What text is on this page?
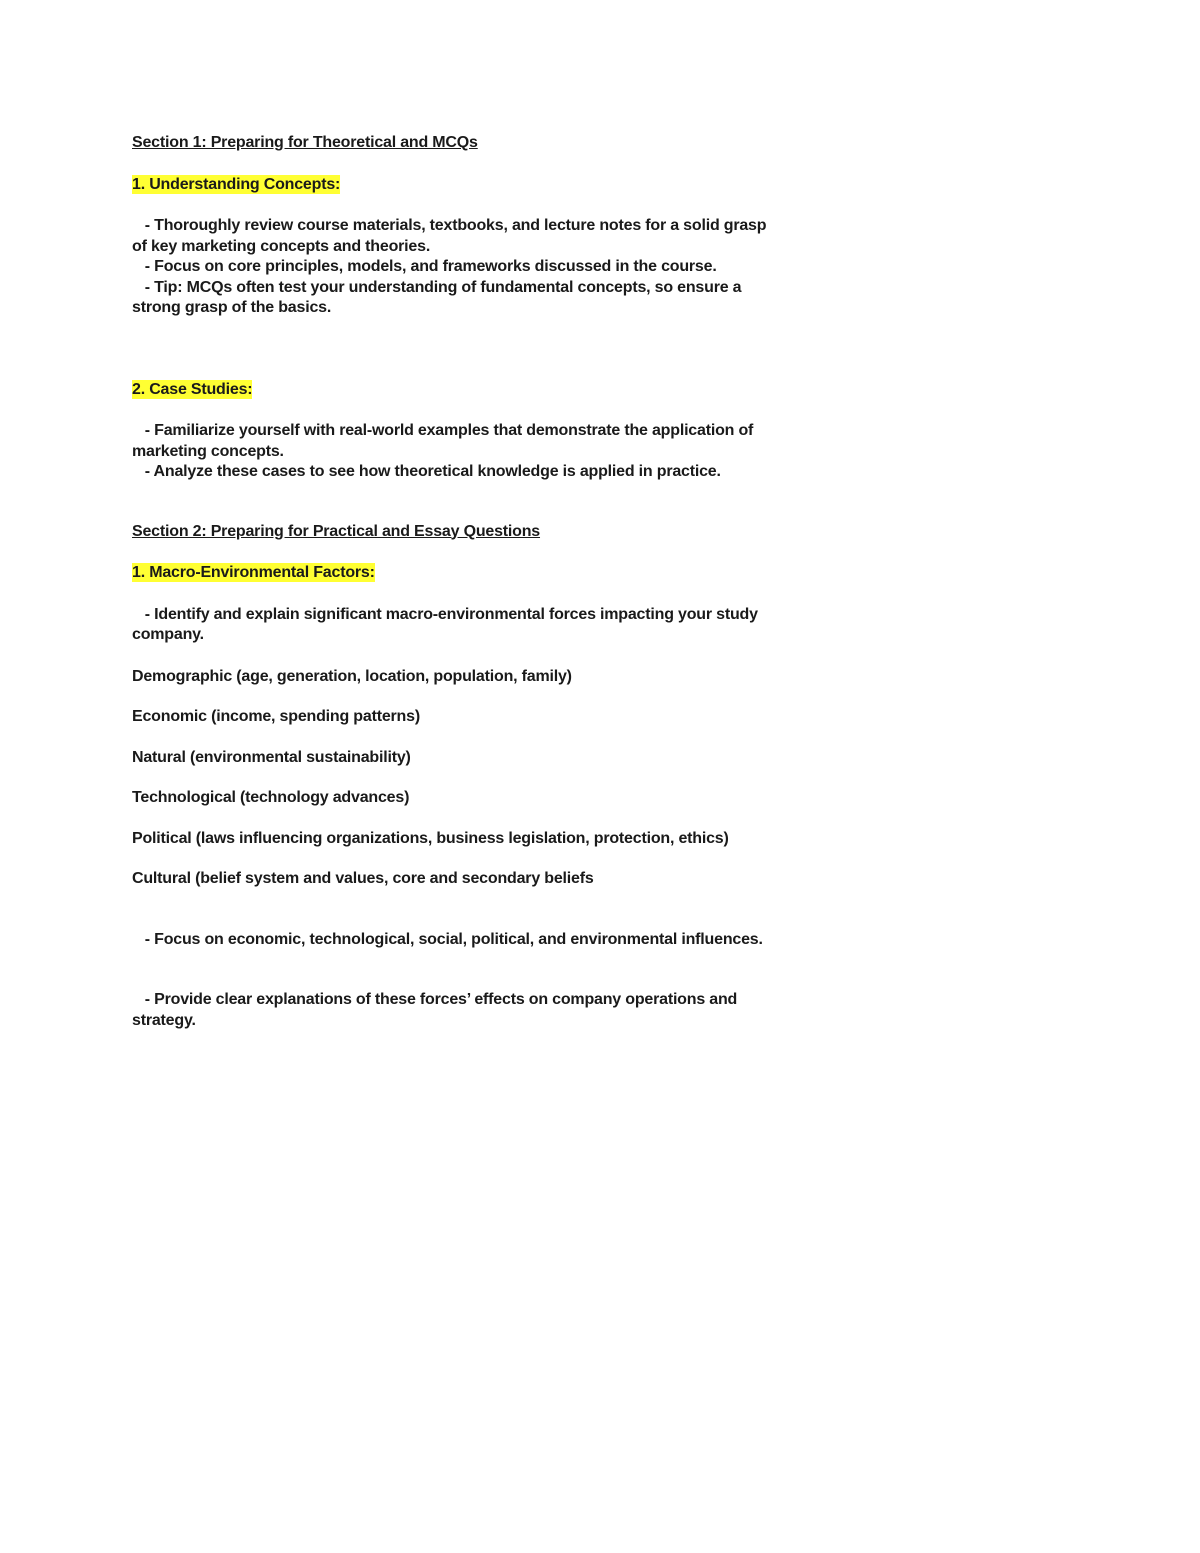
Section 1: Preparing for Theoretical and MCQs

1. Understanding Concepts:

- Thoroughly review course materials, textbooks, and lecture notes for a solid grasp of key marketing concepts and theories.

- Focus on core principles, models, and frameworks discussed in the course.

- Tip: MCQs often test your understanding of fundamental concepts, so ensure a strong grasp of the basics.

2. Case Studies:

- Familiarize yourself with real-world examples that demonstrate the application of marketing concepts.

- Analyze these cases to see how theoretical knowledge is applied in practice.

Section 2: Preparing for Practical and Essay Questions

1. Macro-Environmental Factors:

- Identify and explain significant macro-environmental forces impacting your study company.

Demographic (age, generation, location, population, family)

Economic (income, spending patterns)

Natural (environmental sustainability)

Technological (technology advances)

Political (laws influencing organizations, business legislation, protection, ethics)

Cultural (belief system and values, core and secondary beliefs

- Focus on economic, technological, social, political, and environmental influences.

- Provide clear explanations of these forces’ effects on company operations and strategy.
